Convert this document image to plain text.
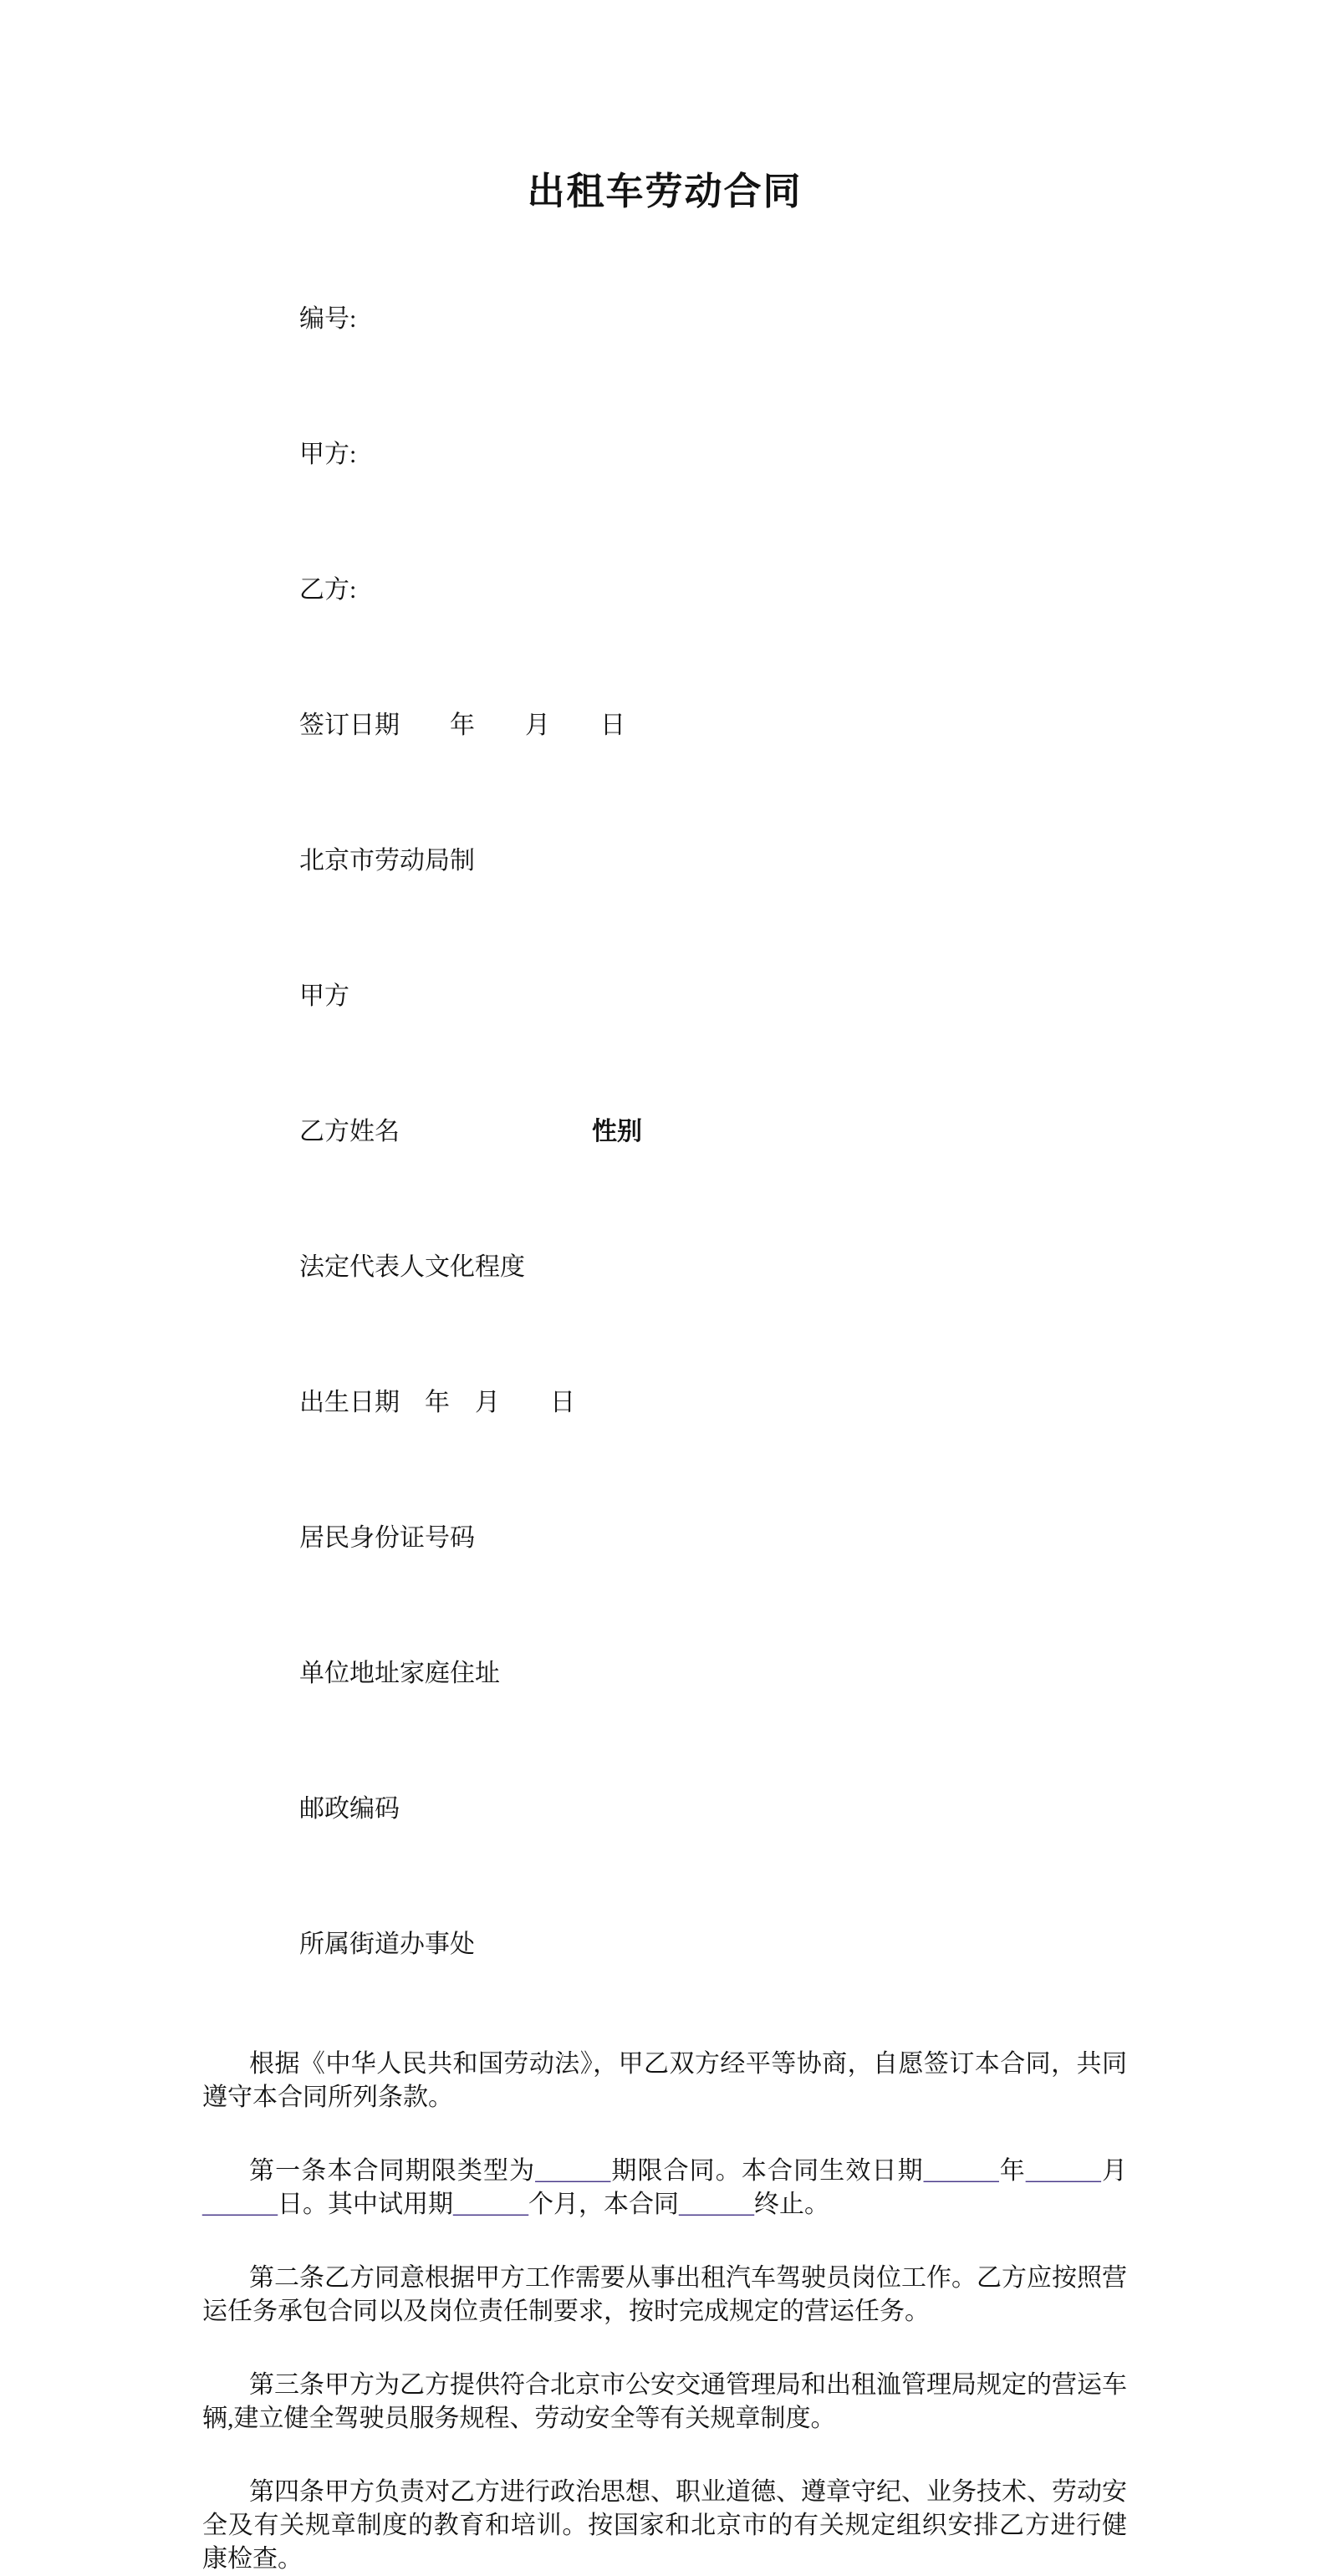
出租车劳动合同

编号:

甲方:

乙方:

签订日期　　年　　月　　日

北京市劳动局制

甲方

乙方姓名	性别

法定代表人文化程度

出生日期　年　月　　日

居民身份证号码

单位地址家庭住址

邮政编码

所属街道办事处

根据《中华人民共和国劳动法》，甲乙双方经平等协商，自愿签订本合同，共同遵守本合同所列条款。

第一条本合同期限类型为______期限合同。本合同生效日期______年______月______日。其中试用期______个月，本合同______终止。

第二条乙方同意根据甲方工作需要从事出租汽车驾驶员岗位工作。乙方应按照营运任务承包合同以及岗位责任制要求，按时完成规定的营运任务。

第三条甲方为乙方提供符合北京市公安交通管理局和出租洫管理局规定的营运车辆,建立健全驾驶员服务规程、劳动安全等有关规章制度。

第四条甲方负责对乙方进行政治思想、职业道德、遵章守纪、业务技术、劳动安全及有关规章制度的教育和培训。按国家和北京市的有关规定组织安排乙方进行健康检查。
